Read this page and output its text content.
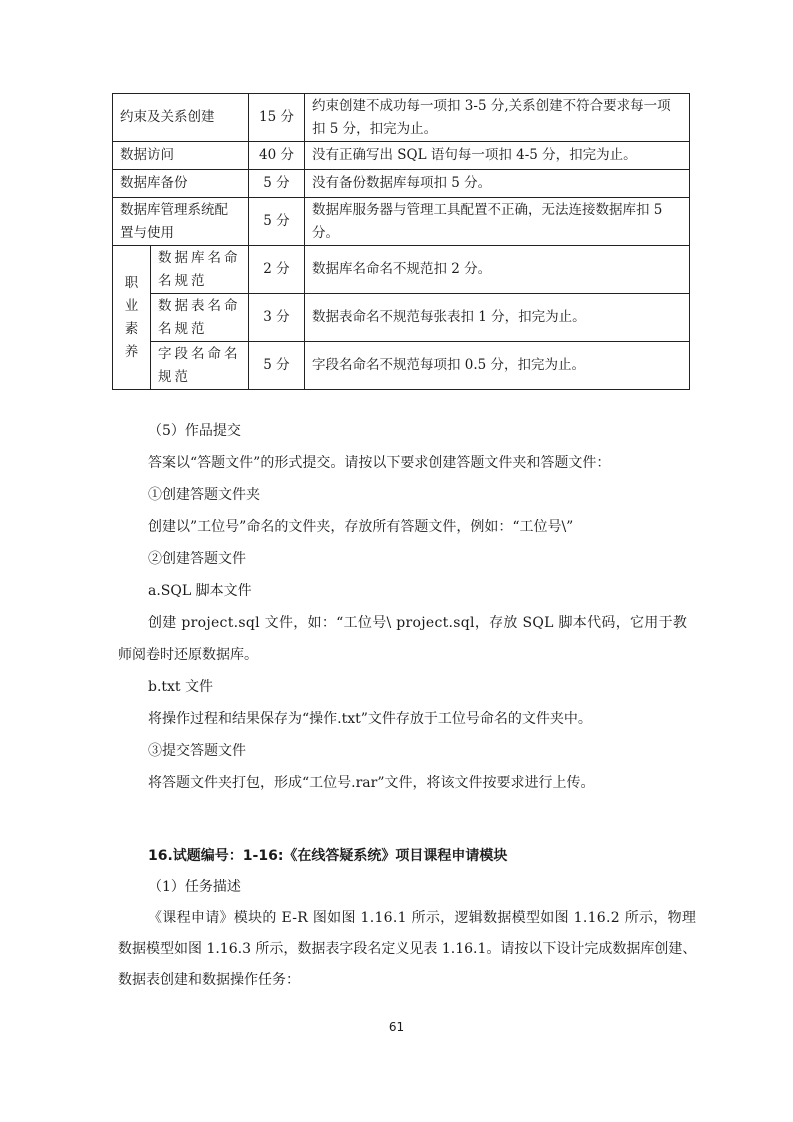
约束及关系创建		15 分	约束创建不成功每一项扣 3-5 分,关系创建不符合要求每一项
扣 5 分，扣完为止。
数据访问		40 分	没有正确写出 SQL 语句每一项扣 4-5 分，扣完为止。
数据库备份		5 分	没有备份数据库每项扣 5 分。
数据库管理系统配
置与使用		5 分	数据库服务器与管理工具配置不正确，无法连接数据库扣 5
分。
职
业
素
养	数据库名命
名规范	2 分	数据库名命名不规范扣 2 分。
	数据表名命
名规范	3 分	数据表命名不规范每张表扣 1 分，扣完为止。
	字段名命名
规范	5 分	字段名命名不规范每项扣 0.5 分，扣完为止。

（5）作品提交

答案以“答题文件”的形式提交。请按以下要求创建答题文件夹和答题文件：

①创建答题文件夹

创建以”工位号”命名的文件夹，存放所有答题文件，例如：“工位号\”

②创建答题文件

a.SQL 脚本文件

创建 project.sql 文件，如：“工位号\ project.sql，存放 SQL 脚本代码，它用于教

师阅卷时还原数据库。

b.txt 文件

将操作过程和结果保存为“操作.txt”文件存放于工位号命名的文件夹中。

③提交答题文件

将答题文件夹打包，形成“工位号.rar”文件，将该文件按要求进行上传。

16.试题编号：1-16:《在线答疑系统》项目课程申请模块

（1）任务描述

《课程申请》模块的 E-R 图如图 1.16.1 所示，逻辑数据模型如图 1.16.2 所示，物理

数据模型如图 1.16.3 所示，数据表字段名定义见表 1.16.1。请按以下设计完成数据库创建、

数据表创建和数据操作任务：

61
